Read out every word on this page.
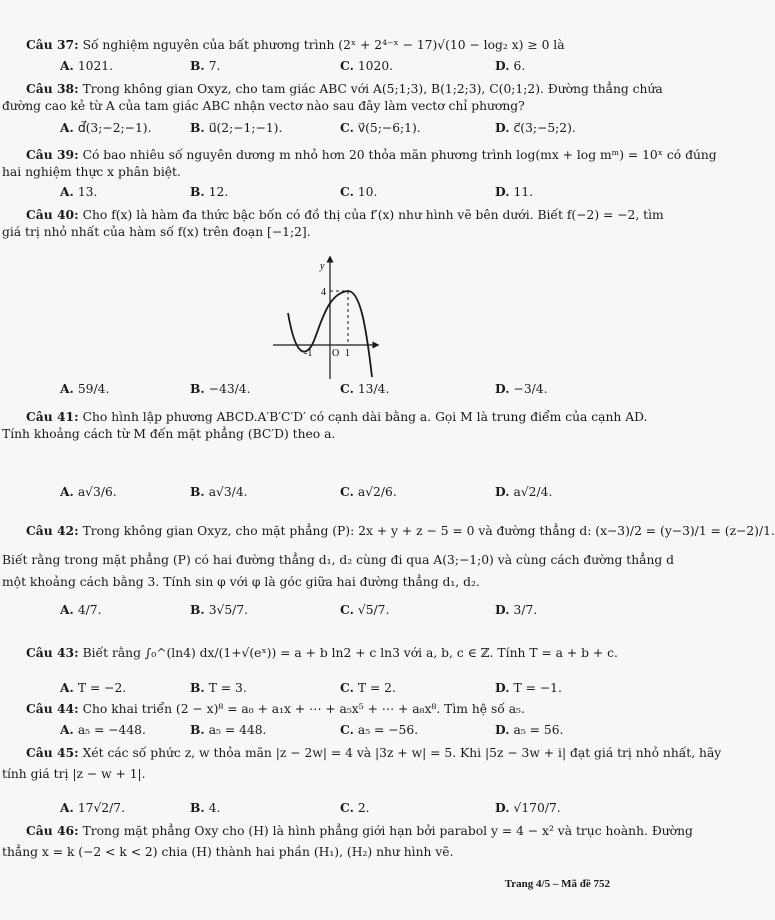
Câu 37: Số nghiệm nguyên của bất phương trình (2ˣ + 2⁴⁻ˣ − 17)√(10 − log₂ x) ≥ 0 là
A. 1021.	B. 7.	C. 1020.	D. 6.
Câu 38: Trong không gian Oxyz, cho tam giác ABC với A(5;1;3), B(1;2;3), C(0;1;2). Đường thẳng chứa
đường cao kẻ từ A của tam giác ABC nhận vectơ nào sau đây làm vectơ chỉ phương?
A. d⃗(3;−2;−1).	B. u⃗(2;−1;−1).	C. v⃗(5;−6;1).	D. c⃗(3;−5;2).
Câu 39: Có bao nhiêu số nguyên dương m nhỏ hơn 20 thỏa mãn phương trình log(mx + log mᵐ) = 10ˣ có đúng
hai nghiệm thực x phân biệt.
A. 13.	B. 12.	C. 10.	D. 11.
Câu 40: Cho f(x) là hàm đa thức bậc bốn có đồ thị của f′(x) như hình vẽ bên dưới. Biết f(−2) = −2, tìm
giá trị nhỏ nhất của hàm số f(x) trên đoạn [−1;2].
y
4
-1 O 1
A. 59/4.	B. −43/4.	C. 13/4.	D. −3/4.
Câu 41: Cho hình lập phương ABCD.A′B′C′D′ có cạnh dài bằng a. Gọi M là trung điểm của cạnh AD.
Tính khoảng cách từ M đến mặt phẳng (BC′D) theo a.
A. a√3/6.	B. a√3/4.	C. a√2/6.	D. a√2/4.
Câu 42: Trong không gian Oxyz, cho mặt phẳng (P): 2x + y + z − 5 = 0 và đường thẳng d: (x−3)/2 = (y−3)/1 = (z−2)/1.
Biết rằng trong mặt phẳng (P) có hai đường thẳng d₁, d₂ cùng đi qua A(3;−1;0) và cùng cách đường thẳng d
một khoảng cách bằng 3. Tính sin φ với φ là góc giữa hai đường thẳng d₁, d₂.
A. 4/7.	B. 3√5/7.	C. √5/7.	D. 3/7.
Câu 43: Biết rằng ∫₀^(ln4) dx/(1+√(eˣ)) = a + b ln2 + c ln3 với a, b, c ∈ ℤ. Tính T = a + b + c.
A. T = −2.	B. T = 3.	C. T = 2.	D. T = −1.
Câu 44: Cho khai triển (2 − x)⁸ = a₀ + a₁x + ⋯ + a₅x⁵ + ⋯ + a₈x⁸. Tìm hệ số a₅.
A. a₅ = −448.	B. a₅ = 448.	C. a₅ = −56.	D. a₅ = 56.
Câu 45: Xét các số phức z, w thỏa mãn |z − 2w| = 4 và |3z + w| = 5. Khi |5z − 3w + i| đạt giá trị nhỏ nhất, hãy
tính giá trị |z − w + 1|.
A. 17√2/7.	B. 4.	C. 2.	D. √170/7.
Câu 46: Trong mặt phẳng Oxy cho (H) là hình phẳng giới hạn bởi parabol y = 4 − x² và trục hoành. Đường
thẳng x = k (−2 < k < 2) chia (H) thành hai phần (H₁), (H₂) như hình vẽ.
Trang 4/5 – Mã đề 752
